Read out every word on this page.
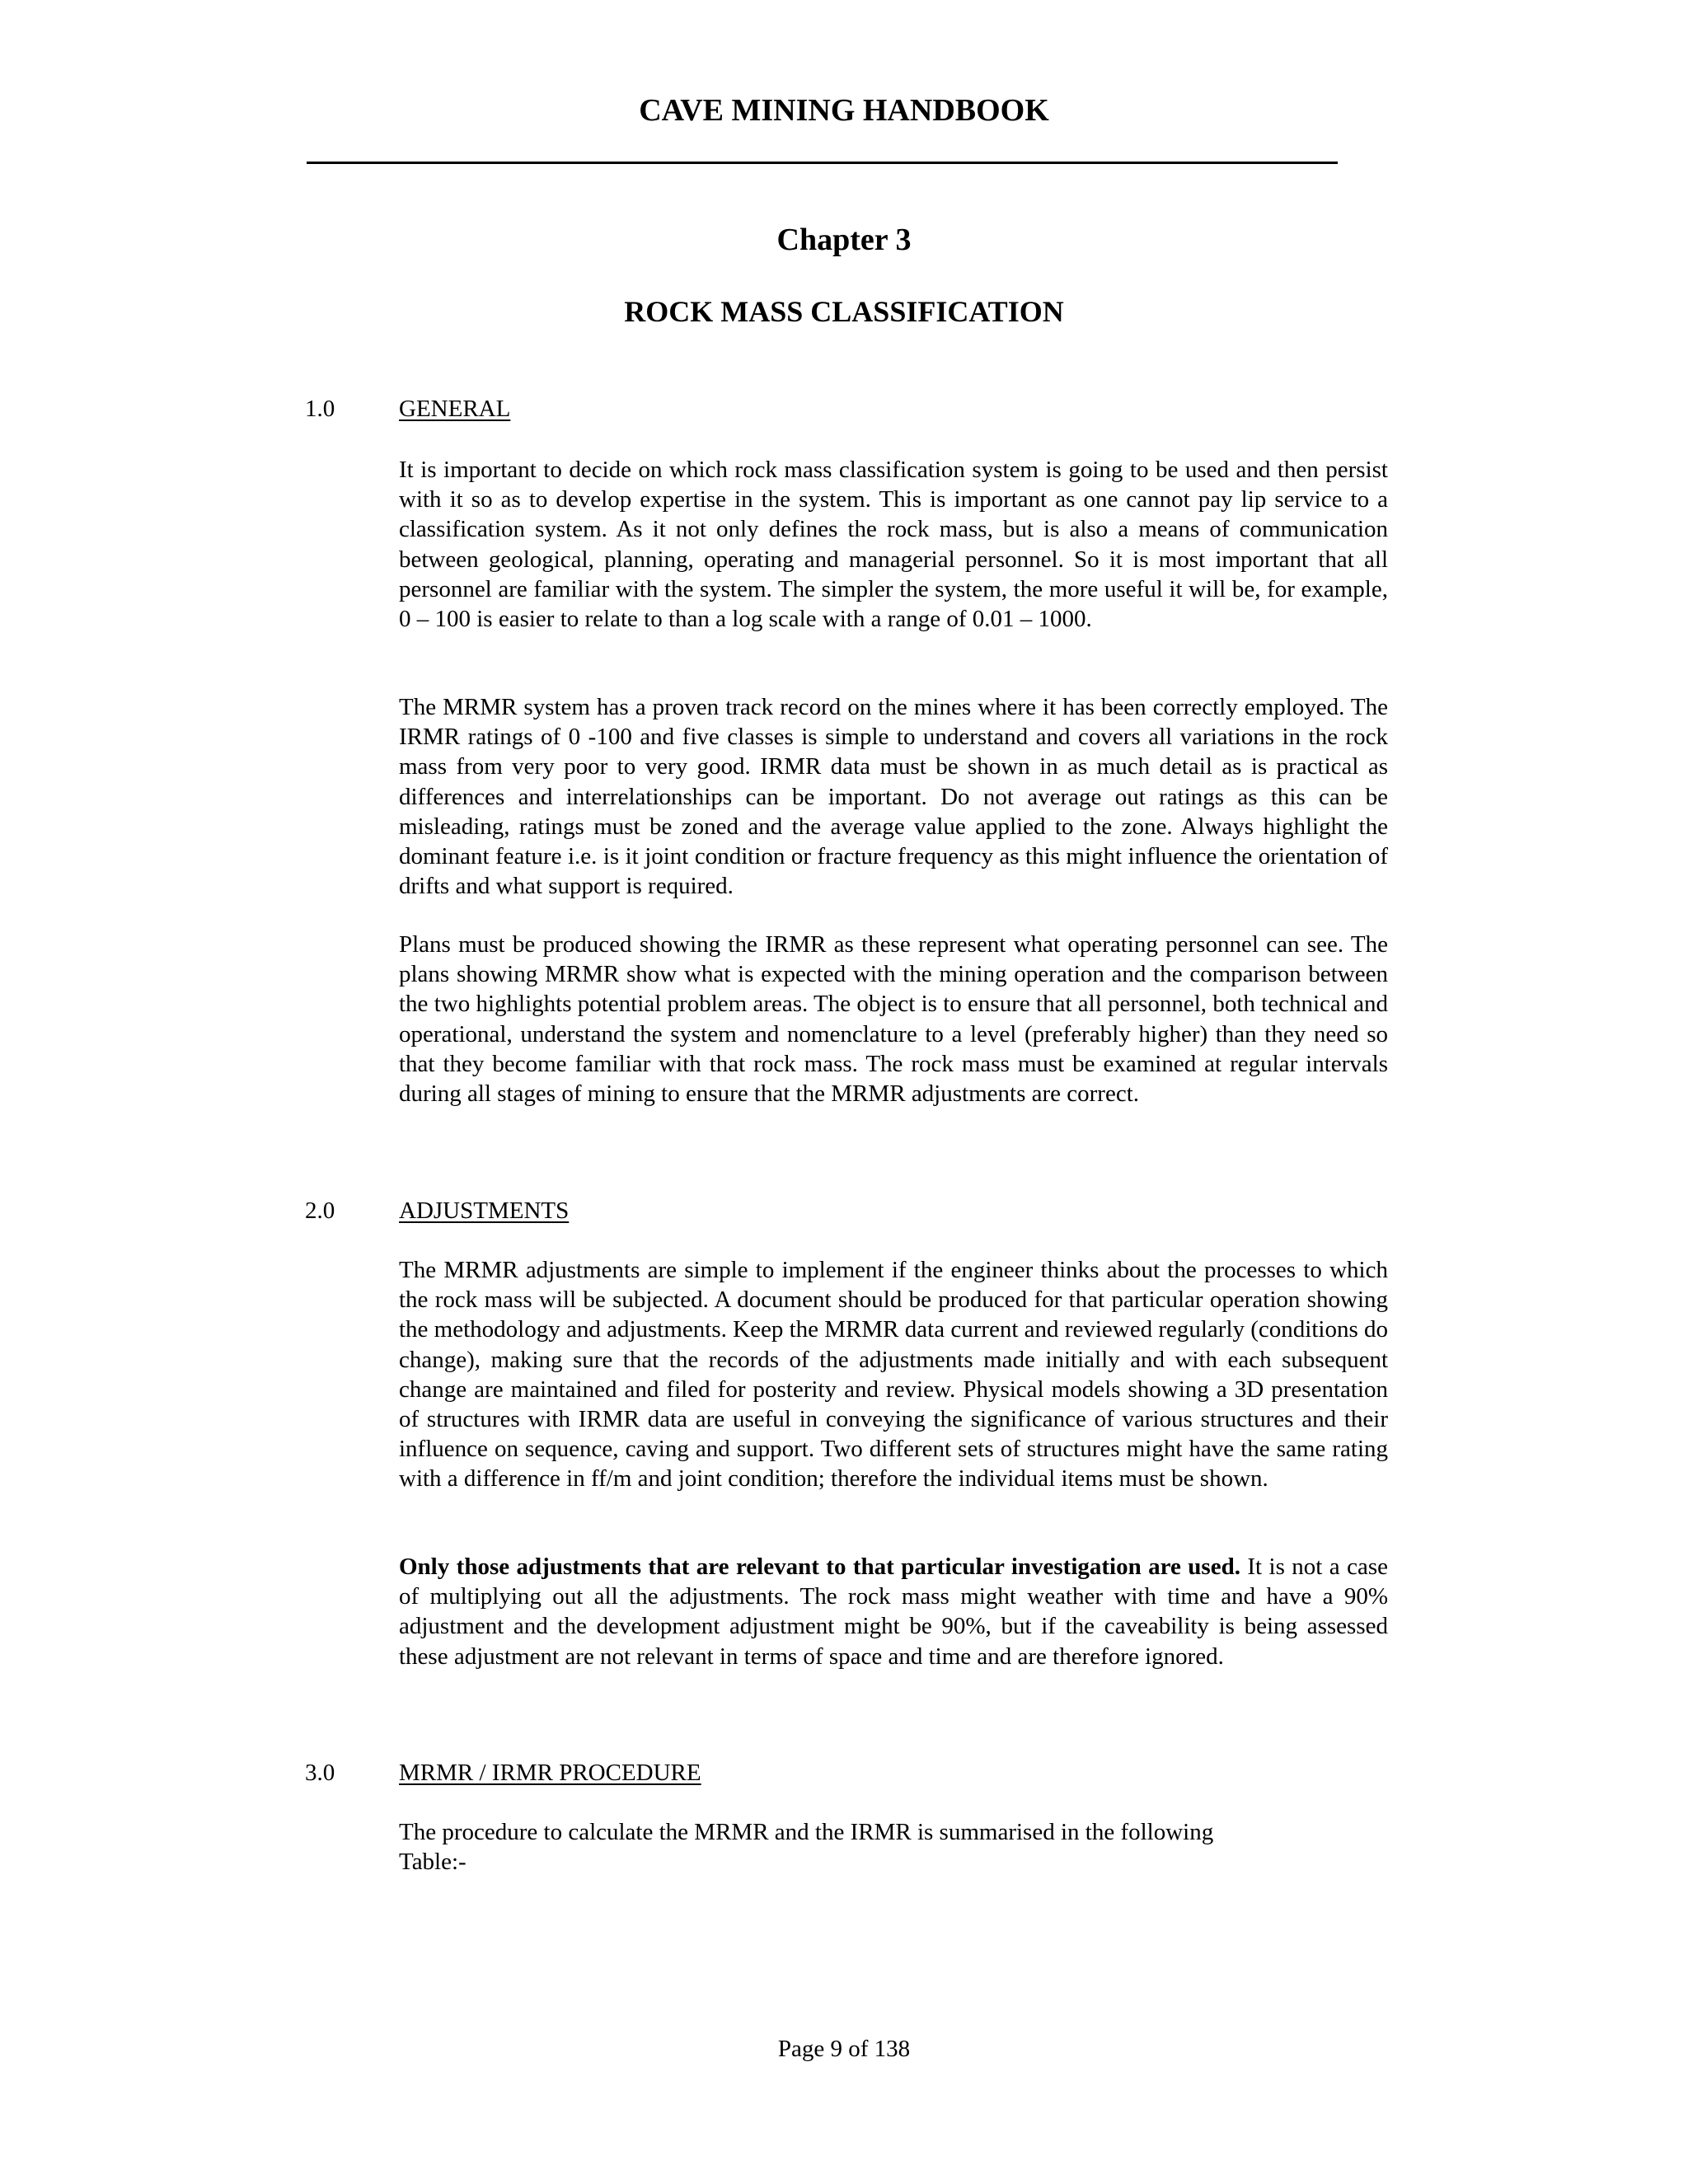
CAVE MINING HANDBOOK
Chapter 3
ROCK MASS CLASSIFICATION
1.0	GENERAL

It is important to decide on which rock mass classification system is going to be used and then persist with it so as to develop expertise in the system. This is important as one cannot pay lip service to a classification system. As it not only defines the rock mass, but is also a means of communication between geological, planning, operating and managerial personnel. So it is most important that all personnel are familiar with the system. The simpler the system, the more useful it will be, for example, 0 – 100 is easier to relate to than a log scale with a range of 0.01 – 1000.

The MRMR system has a proven track record on the mines where it has been correctly employed. The IRMR ratings of 0 -100 and five classes is simple to understand and covers all variations in the rock mass from very poor to very good. IRMR data must be shown in as much detail as is practical as differences and interrelationships can be important. Do not average out ratings as this can be misleading, ratings must be zoned and the average value applied to the zone. Always highlight the dominant feature i.e. is it joint condition or fracture frequency as this might influence the orientation of drifts and what support is required.

Plans must be produced showing the IRMR as these represent what operating personnel can see. The plans showing MRMR show what is expected with the mining operation and the comparison between the two highlights potential problem areas. The object is to ensure that all personnel, both technical and operational, understand the system and nomenclature to a level (preferably higher) than they need so that they become familiar with that rock mass. The rock mass must be examined at regular intervals during all stages of mining to ensure that the MRMR adjustments are correct.

2.0	ADJUSTMENTS

The MRMR adjustments are simple to implement if the engineer thinks about the processes to which the rock mass will be subjected. A document should be produced for that particular operation showing the methodology and adjustments. Keep the MRMR data current and reviewed regularly (conditions do change), making sure that the records of the adjustments made initially and with each subsequent change are maintained and filed for posterity and review. Physical models showing a 3D presentation of structures with IRMR data are useful in conveying the significance of various structures and their influence on sequence, caving and support. Two different sets of structures might have the same rating with a difference in ff/m and joint condition; therefore the individual items must be shown.

Only those adjustments that are relevant to that particular investigation are used. It is not a case of multiplying out all the adjustments. The rock mass might weather with time and have a 90% adjustment and the development adjustment might be 90%, but if the caveability is being assessed these adjustment are not relevant in terms of space and time and are therefore ignored.

3.0	MRMR / IRMR PROCEDURE

The procedure to calculate the MRMR and the IRMR is summarised in the following Table:-

Page 9 of 138
